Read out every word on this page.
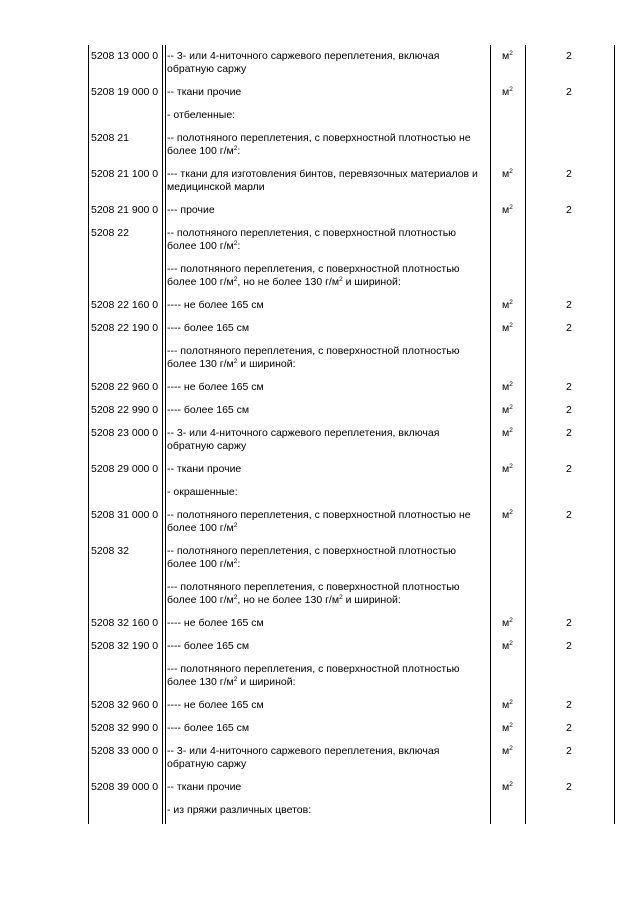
5208 13 000 0 -- 3- или 4-ниточного саржевого переплетения, включая
обратную саржу
$м^2$	2
5208 19 000 0 -- ткани прочие	$м^2$	2
- отбеленные:
5208 21	-- полотняного переплетения, с поверхностной плотностью не
более 100 $г/м^2$:
5208 21 100 0 --- ткани для изготовления бинтов, перевязочных материалов и
медицинской марли
$м^2$	2
5208 21 900 0 --- прочие	$м^2$	2
5208 22	-- полотняного переплетения, с поверхностной плотностью
более 100 $г/м^2$:
--- полотняного переплетения, с поверхностной плотностью
более 100 $г/м^2$, но не более 130 $г/м^2$ и шириной:
5208 22 160 0 ---- не более 165 см	$м^2$	2
5208 22 190 0 ---- более 165 см	$м^2$	2
--- полотняного переплетения, с поверхностной плотностью
более 130 $г/м^2$ и шириной:
5208 22 960 0 ---- не более 165 см	$м^2$	2
5208 22 990 0 ---- более 165 см	$м^2$	2
5208 23 000 0 -- 3- или 4-ниточного саржевого переплетения, включая
обратную саржу
$м^2$	2
5208 29 000 0 -- ткани прочие	$м^2$	2
- окрашенные:
5208 31 000 0 -- полотняного переплетения, с поверхностной плотностью не
более 100 $г/м^2$
$м^2$	2
5208 32	-- полотняного переплетения, с поверхностной плотностью
более 100 $г/м^2$:
--- полотняного переплетения, с поверхностной плотностью
более 100 $г/м^2$, но не более 130 $г/м^2$ и шириной:
5208 32 160 0 ---- не более 165 см	$м^2$	2
5208 32 190 0 ---- более 165 см	$м^2$	2
--- полотняного переплетения, с поверхностной плотностью
более 130 $г/м^2$ и шириной:
5208 32 960 0 ---- не более 165 см	$м^2$	2
5208 32 990 0 ---- более 165 см	$м^2$	2
5208 33 000 0 -- 3- или 4-ниточного саржевого переплетения, включая
обратную саржу
$м^2$	2
5208 39 000 0 -- ткани прочие	$м^2$	2
- из пряжи различных цветов:
